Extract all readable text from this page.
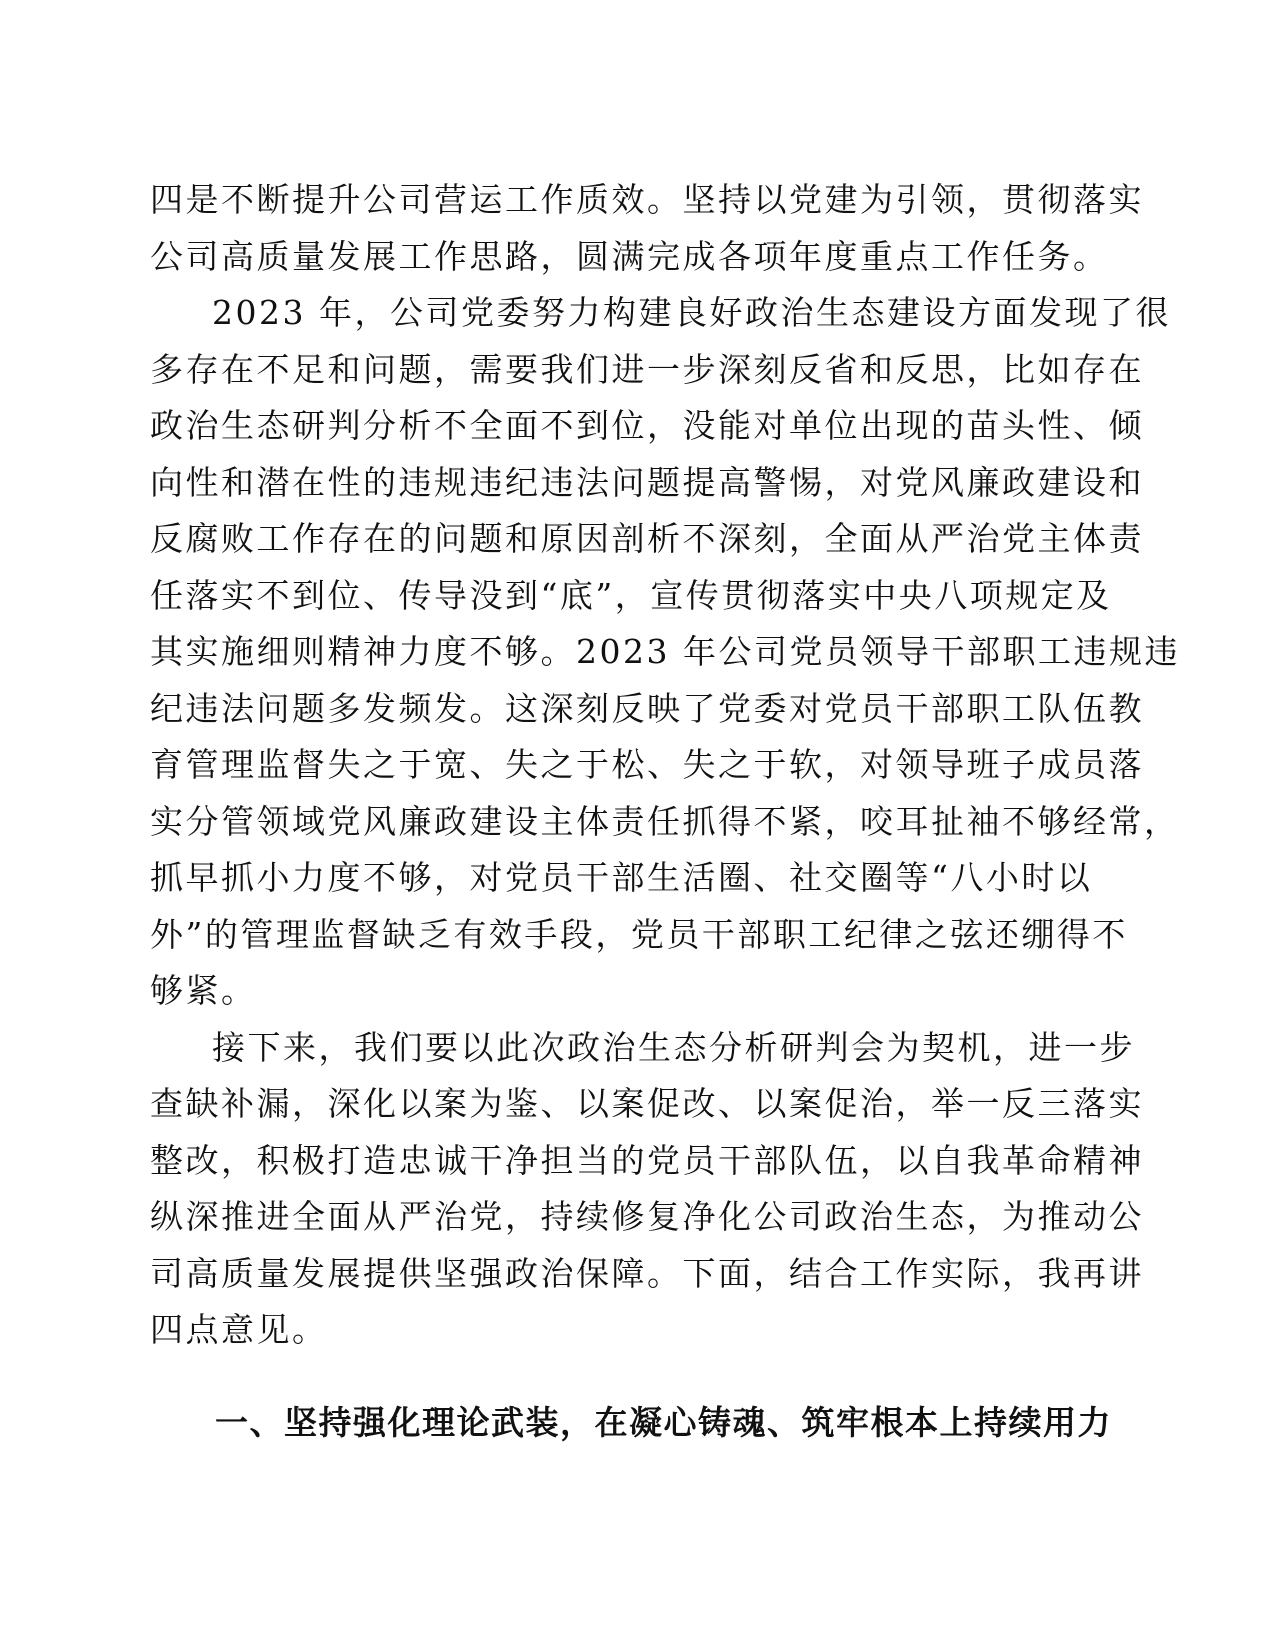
四是不断提升公司营运工作质效。坚持以党建为引领，贯彻落实
公司高质量发展工作思路，圆满完成各项年度重点工作任务。
2023 年，公司党委努力构建良好政治生态建设方面发现了很
多存在不足和问题，需要我们进一步深刻反省和反思，比如存在
政治生态研判分析不全面不到位，没能对单位出现的苗头性、倾
向性和潜在性的违规违纪违法问题提高警惕，对党风廉政建设和
反腐败工作存在的问题和原因剖析不深刻，全面从严治党主体责
任落实不到位、传导没到“底”，宣传贯彻落实中央八项规定及
其实施细则精神力度不够。2023 年公司党员领导干部职工违规违
纪违法问题多发频发。这深刻反映了党委对党员干部职工队伍教
育管理监督失之于宽、失之于松、失之于软，对领导班子成员落
实分管领域党风廉政建设主体责任抓得不紧，咬耳扯袖不够经常，
抓早抓小力度不够，对党员干部生活圈、社交圈等“八小时以
外”的管理监督缺乏有效手段，党员干部职工纪律之弦还绷得不
够紧。
接下来，我们要以此次政治生态分析研判会为契机，进一步
查缺补漏，深化以案为鉴、以案促改、以案促治，举一反三落实
整改，积极打造忠诚干净担当的党员干部队伍，以自我革命精神
纵深推进全面从严治党，持续修复净化公司政治生态，为推动公
司高质量发展提供坚强政治保障。下面，结合工作实际，我再讲
四点意见。
一、坚持强化理论武装，在凝心铸魂、筑牢根本上持续用力
